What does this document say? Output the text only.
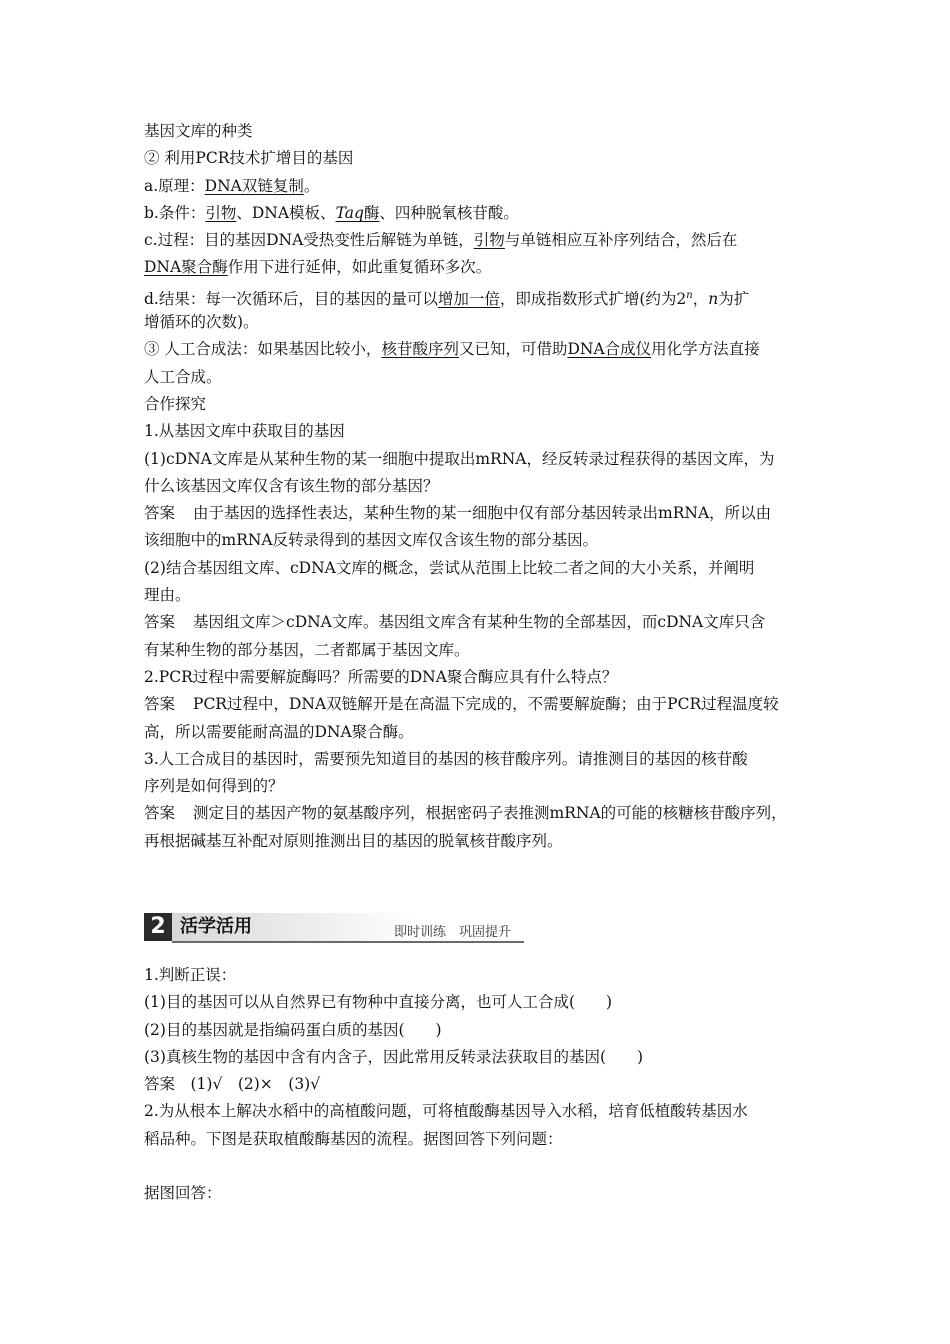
基因文库的种类
② 利用PCR技术扩增目的基因
a.原理：DNA双链复制。
b.条件：引物、DNA模板、Taq酶、四种脱氧核苷酸。
c.过程：目的基因DNA受热变性后解链为单链，引物与单链相应互补序列结合，然后在
DNA聚合酶作用下进行延伸，如此重复循环多次。
d.结果：每一次循环后，目的基因的量可以增加一倍，即成指数形式扩增(约为2$^n$，n为扩
增循环的次数)。
③ 人工合成法：如果基因比较小，核苷酸序列又已知，可借助DNA合成仪用化学方法直接
人工合成。
合作探究
1.从基因文库中获取目的基因
(1)cDNA文库是从某种生物的某一细胞中提取出mRNA，经反转录过程获得的基因文库，为
什么该基因文库仅含有该生物的部分基因？
答案 由于基因的选择性表达，某种生物的某一细胞中仅有部分基因转录出mRNA，所以由
该细胞中的mRNA反转录得到的基因文库仅含该生物的部分基因。
(2)结合基因组文库、cDNA文库的概念，尝试从范围上比较二者之间的大小关系，并阐明
理由。
答案 基因组文库＞cDNA文库。基因组文库含有某种生物的全部基因，而cDNA文库只含
有某种生物的部分基因，二者都属于基因文库。
2.PCR过程中需要解旋酶吗？所需要的DNA聚合酶应具有什么特点？
答案 PCR过程中，DNA双链解开是在高温下完成的，不需要解旋酶；由于PCR过程温度较
高，所以需要能耐高温的DNA聚合酶。
3.人工合成目的基因时，需要预先知道目的基因的核苷酸序列。请推测目的基因的核苷酸
序列是如何得到的？
答案 测定目的基因产物的氨基酸序列，根据密码子表推测mRNA的可能的核糖核苷酸序列，
再根据碱基互补配对原则推测出目的基因的脱氧核苷酸序列。
2 活学活用	即时训练　巩固提升
1.判断正误：
(1)目的基因可以从自然界已有物种中直接分离，也可人工合成(　　)
(2)目的基因就是指编码蛋白质的基因(　　)
(3)真核生物的基因中含有内含子，因此常用反转录法获取目的基因(　　)
答案　(1)√　(2)×　(3)√
2.为从根本上解决水稻中的高植酸问题，可将植酸酶基因导入水稻，培育低植酸转基因水
稻品种。下图是获取植酸酶基因的流程。据图回答下列问题：
据图回答：
